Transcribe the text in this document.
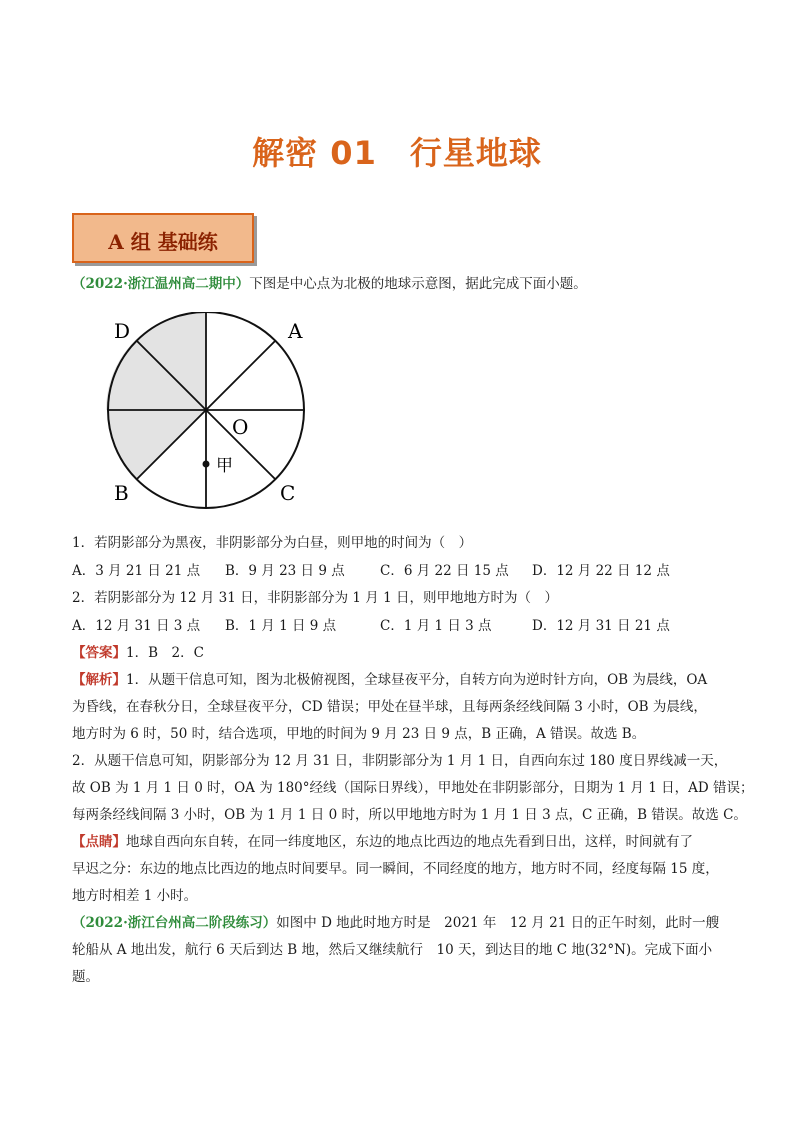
解密 01　行星地球
A 组 基础练
（2022·浙江温州高二期中）下图是中心点为北极的地球示意图，据此完成下面小题。
D	A
O
甲
B	C
1．若阴影部分为黑夜，非阴影部分为白昼，则甲地的时间为（　）
A．3 月 21 日 21 点 B．9 月 23 日 9 点	C．6 月 22 日 15 点 D．12 月 22 日 12 点
2．若阴影部分为 12 月 31 日，非阴影部分为 1 月 1 日，则甲地地方时为（　）
A．12 月 31 日 3 点 B．1 月 1 日 9 点	C．1 月 1 日 3 点	D．12 月 31 日 21 点
【答案】1．B　2．C
【解析】1．从题干信息可知，图为北极俯视图，全球昼夜平分，自转方向为逆时针方向，OB 为晨线，OA
为昏线，在春秋分日，全球昼夜平分，CD 错误；甲处在昼半球，且每两条经线间隔 3 小时，OB 为晨线，
地方时为 6 时，50 时，结合选项，甲地的时间为 9 月 23 日 9 点，B 正确，A 错误。故选 B。
2．从题干信息可知，阴影部分为 12 月 31 日，非阴影部分为 1 月 1 日，自西向东过 180 度日界线减一天，
故 OB 为 1 月 1 日 0 时，OA 为 180°经线（国际日界线），甲地处在非阴影部分，日期为 1 月 1 日，AD 错误；
每两条经线间隔 3 小时，OB 为 1 月 1 日 0 时，所以甲地地方时为 1 月 1 日 3 点，C 正确，B 错误。故选 C。
【点睛】地球自西向东自转，在同一纬度地区，东边的地点比西边的地点先看到日出，这样，时间就有了
早迟之分：东边的地点比西边的地点时间要早。同一瞬间，不同经度的地方，地方时不同，经度每隔 15 度，
地方时相差 1 小时。
（2022·浙江台州高二阶段练习）如图中 D 地此时地方时是　2021 年　12 月 21 日的正午时刻，此时一艘
轮船从 A 地出发，航行 6 天后到达 B 地，然后又继续航行　10 天，到达目的地 C 地(32°N)。完成下面小
题。
